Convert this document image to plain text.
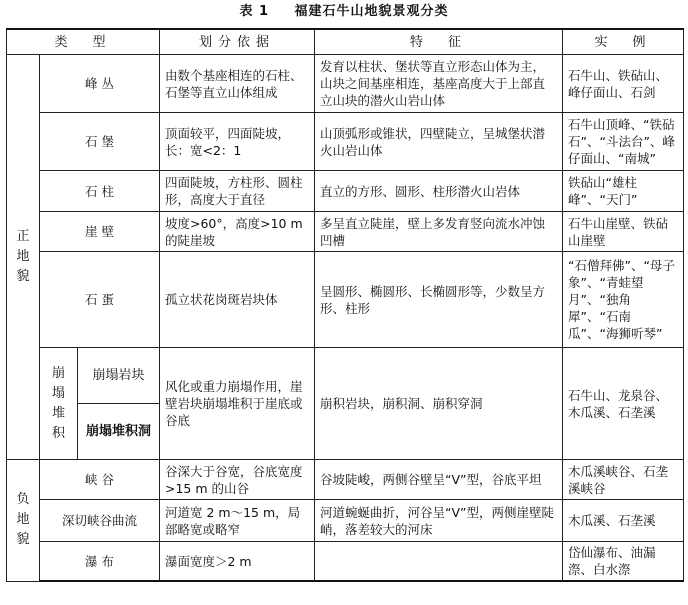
表 1 福建石牛山地貌景观分类
类　型			划分依据	特　征	实　例

正地貌	峰 丛		由数个基座相连的石柱、石堡等直立山体组成	发育以柱状、堡状等直立形态山体为主，山块之间基座相连，基座高度大于上部直立山块的潜火山岩山体	石牛山、铁砧山、峰仔面山、石剑
	石 堡		顶面较平，四面陡坡，长：宽<2：1	山顶弧形或锥状，四壁陡立，呈城堡状潜火山岩山体	石牛山顶峰、“铁砧石”、“斗法台”、峰仔面山、“南城”
	石 柱		四面陡坡，方柱形、圆柱形，高度大于直径	直立的方形、圆形、柱形潜火山岩体	铁砧山“雄柱峰”、“天门”
	崖 壁		坡度>60°，高度>10 m 的陡崖坡	多呈直立陡崖，壁上多发育竖向流水冲蚀凹槽	石牛山崖壁、铁砧山崖壁
	石 蛋		孤立状花岗斑岩块体	呈圆形、椭圆形、长椭圆形等，少数呈方形、柱形	“石僧拜佛”、“母子象”、“青蛙望月”、“独角犀”、“石南瓜”、“海狮听琴”

	崩塌堆积	崩塌岩块	风化或重力崩塌作用，崖壁岩块崩塌堆积于崖底或谷底	崩积岩块，崩积洞、崩积穿洞	石牛山、龙泉谷、木瓜溪、石垄溪
		崩塌堆积洞			

负地貌	峡 谷		谷深大于谷宽，谷底宽度>15 m 的山谷	谷坡陡峻，两侧谷壁呈“V”型，谷底平坦	木瓜溪峡谷、石垄溪峡谷
	深切峡谷曲流		河道宽 2 m～15 m，局部略宽或略窄	河道蜿蜒曲折，河谷呈“V”型，两侧崖壁陡峭，落差较大的河床	木瓜溪、石垄溪
	瀑 布		瀑面宽度＞2 m		岱仙瀑布、油漏漈、白水漈
